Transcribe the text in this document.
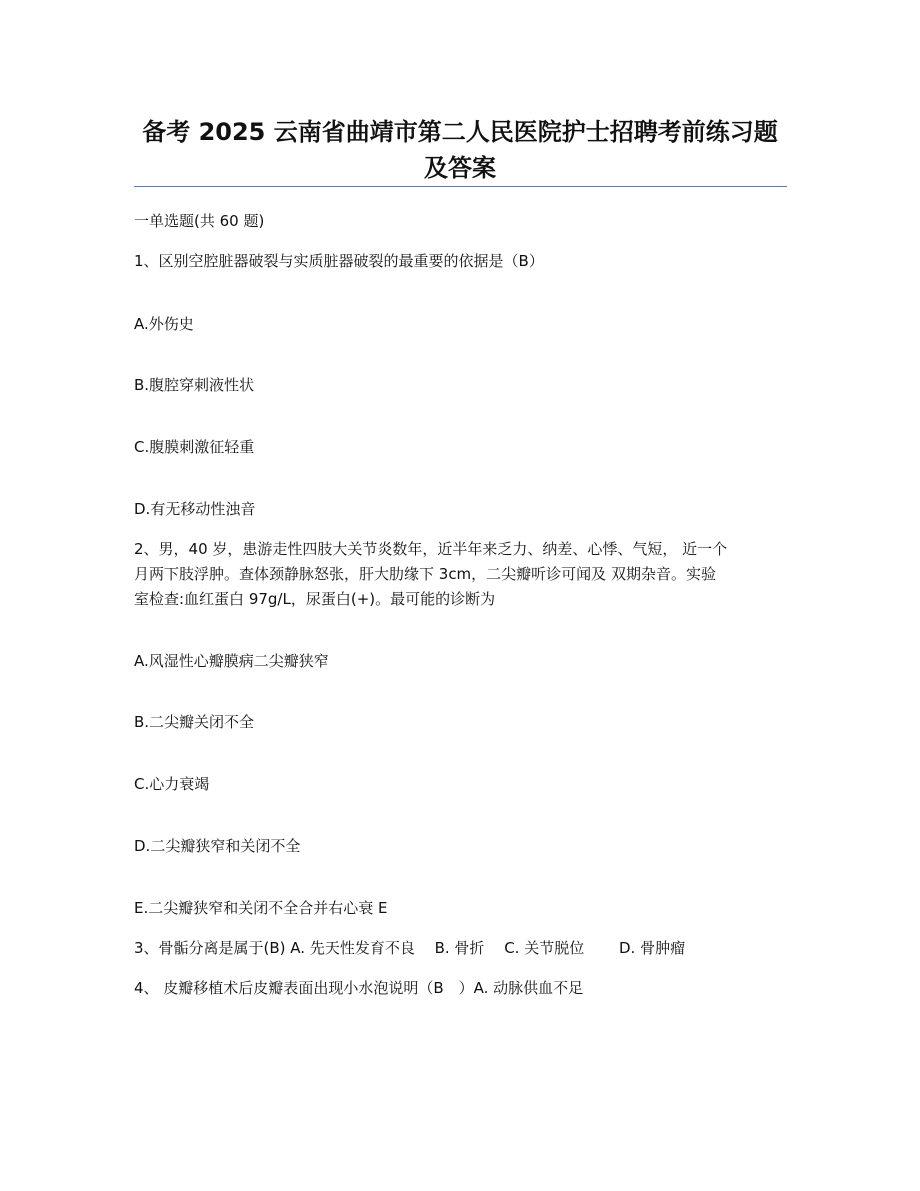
备考 2025 云南省曲靖市第二人民医院护士招聘考前练习题
及答案
一单选题(共 60 题)
1、区别空腔脏器破裂与实质脏器破裂的最重要的依据是（B）
A.外伤史
B.腹腔穿刺液性状
C.腹膜刺激征轻重
D.有无移动性浊音
2、男，40 岁，患游走性四肢大关节炎数年，近半年来乏力、纳差、心悸、气短， 近一个
月两下肢浮肿。查体颈静脉怒张，肝大肋缘下 3cm，二尖瓣听诊可闻及 双期杂音。实验
室检查:血红蛋白 97g/L，尿蛋白(+)。最可能的诊断为
A.风湿性心瓣膜病二尖瓣狭窄
B.二尖瓣关闭不全
C.心力衰竭
D.二尖瓣狭窄和关闭不全
E.二尖瓣狭窄和关闭不全合并右心衰 E
3、骨骺分离是属于(B) A. 先天性发育不良 　B. 骨折 　C. 关节脱位 　　D. 骨肿瘤
4、 皮瓣移植术后皮瓣表面出现小水泡说明（B　）A. 动脉供血不足
